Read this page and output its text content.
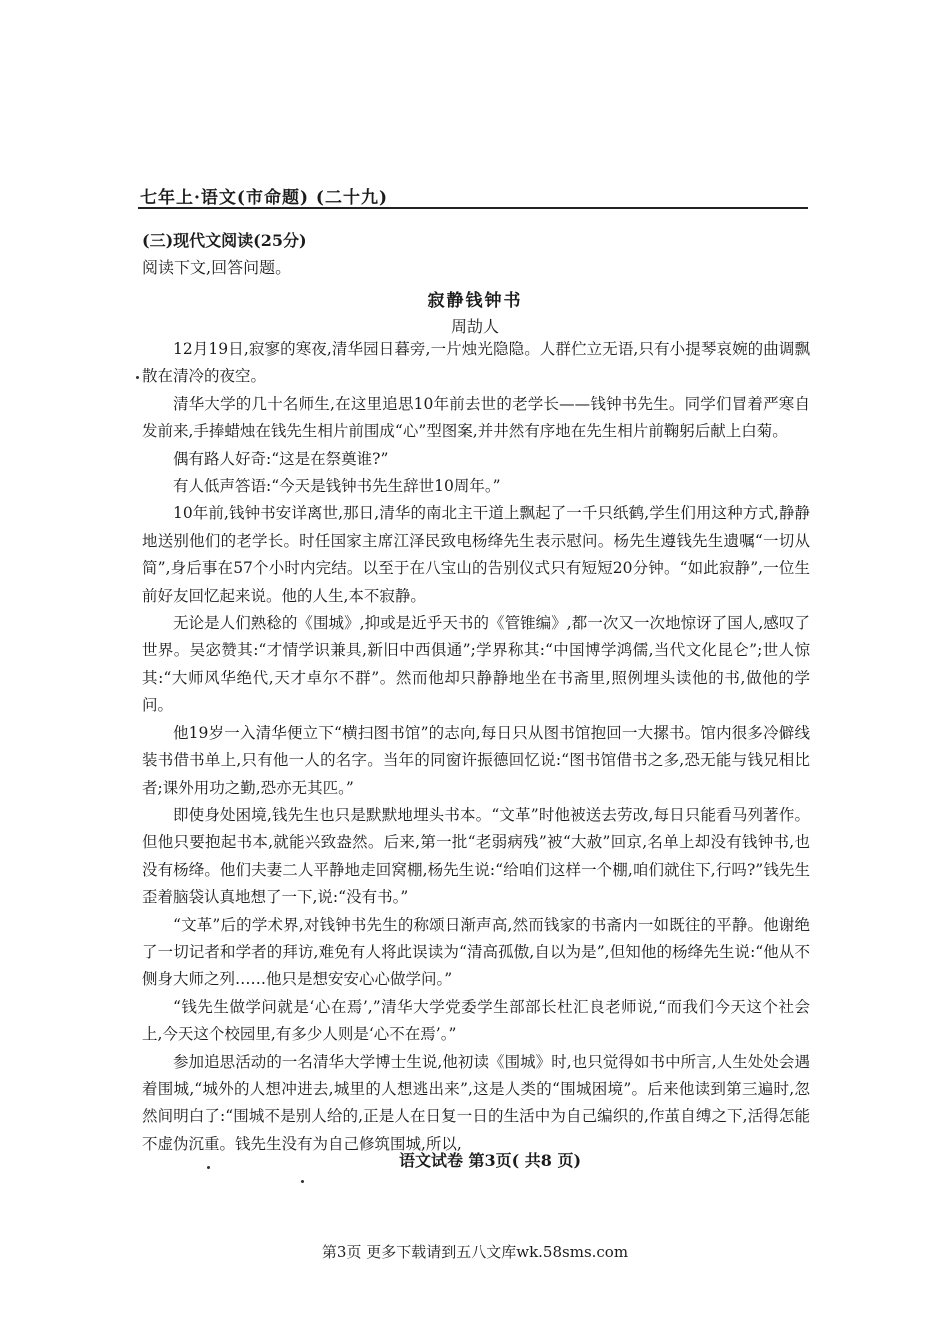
七年上·语文(市命题) (二十九)
(三)现代文阅读(25分)
阅读下文,回答问题。
寂静钱钟书
周劼人

12月19日,寂寥的寒夜,清华园日暮旁,一片烛光隐隐。人群伫立无语,只有小提琴哀婉的曲调飘散在清冷的夜空。

清华大学的几十名师生,在这里追思10年前去世的老学长——钱钟书先生。同学们冒着严寒自发前来,手捧蜡烛在钱先生相片前围成“心”型图案,并井然有序地在先生相片前鞠躬后献上白菊。

偶有路人好奇:“这是在祭奠谁?”

有人低声答语:“今天是钱钟书先生辞世10周年。”

10年前,钱钟书安详离世,那日,清华的南北主干道上飘起了一千只纸鹤,学生们用这种方式,静静地送别他们的老学长。时任国家主席江泽民致电杨绛先生表示慰问。杨先生遵钱先生遗嘱“一切从简”,身后事在57个小时内完结。以至于在八宝山的告别仪式只有短短20分钟。“如此寂静”,一位生前好友回忆起来说。他的人生,本不寂静。

无论是人们熟稔的《围城》,抑或是近乎天书的《管锥编》,都一次又一次地惊讶了国人,感叹了世界。吴宓赞其:“才情学识兼具,新旧中西俱通”;学界称其:“中国博学鸿儒,当代文化昆仑”;世人惊其:“大师风华绝代,天才卓尔不群”。然而他却只静静地坐在书斋里,照例埋头读他的书,做他的学问。

他19岁一入清华便立下“横扫图书馆”的志向,每日只从图书馆抱回一大摞书。馆内很多冷僻线装书借书单上,只有他一人的名字。当年的同窗许振德回忆说:“图书馆借书之多,恐无能与钱兄相比者;课外用功之勤,恐亦无其匹。”

即使身处困境,钱先生也只是默默地埋头书本。“文革”时他被送去劳改,每日只能看马列著作。但他只要抱起书本,就能兴致盎然。后来,第一批“老弱病残”被“大赦”回京,名单上却没有钱钟书,也没有杨绛。他们夫妻二人平静地走回窝棚,杨先生说:“给咱们这样一个棚,咱们就住下,行吗?”钱先生歪着脑袋认真地想了一下,说:“没有书。”

“文革”后的学术界,对钱钟书先生的称颂日渐声高,然而钱家的书斋内一如既往的平静。他谢绝了一切记者和学者的拜访,难免有人将此误读为“清高孤傲,自以为是”,但知他的杨绛先生说:“他从不侧身大师之列……他只是想安安心心做学问。”

“钱先生做学问就是‘心在焉’,”清华大学党委学生部部长杜汇良老师说,“而我们今天这个社会上,今天这个校园里,有多少人则是‘心不在焉’。”

参加追思活动的一名清华大学博士生说,他初读《围城》时,也只觉得如书中所言,人生处处会遇着围城,“城外的人想冲进去,城里的人想逃出来”,这是人类的“围城困境”。后来他读到第三遍时,忽然间明白了:“围城不是别人给的,正是人在日复一日的生活中为自己编织的,作茧自缚之下,活得怎能不虚伪沉重。钱先生没有为自己修筑围城,所以,

语文试卷 第3页( 共8 页)
第3页 更多下载请到五八文库wk.58sms.com
